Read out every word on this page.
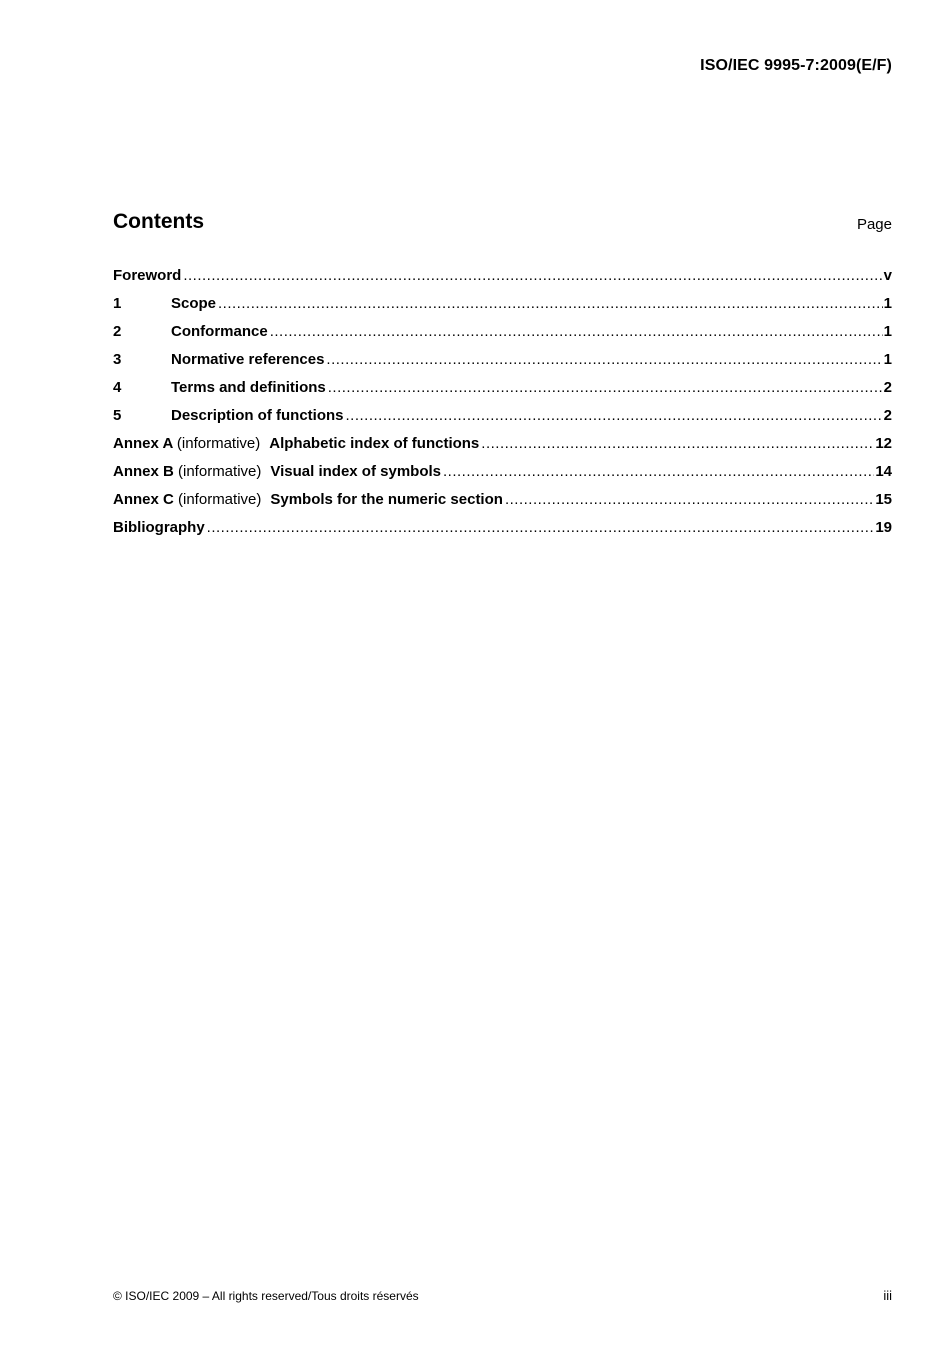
ISO/IEC 9995-7:2009(E/F)
Contents	Page
Foreword .....	v
1	Scope .....	1
2	Conformance .....	1
3	Normative references .....	1
4	Terms and definitions .....	2
5	Description of functions .....	2
Annex A (informative) Alphabetic index of functions .....	12
Annex B (informative) Visual index of symbols .....	14
Annex C (informative) Symbols for the numeric section .....	15
Bibliography .....	19
© ISO/IEC 2009 – All rights reserved/Tous droits réservés	iii
